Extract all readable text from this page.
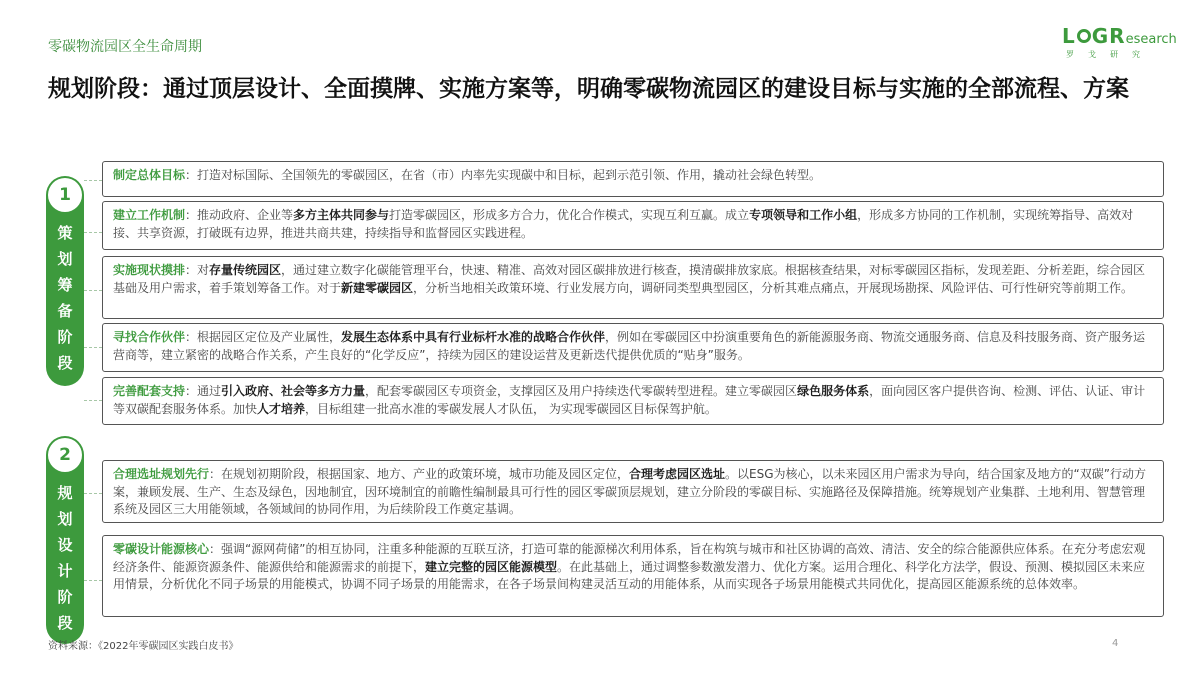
零碳物流园区全生命周期	L GResearch
罗戈研究
规划阶段：通过顶层设计、全面摸牌、实施方案等，明确零碳物流园区的建设目标与实施的全部流程、方案
1
策
划
筹
备
阶
段
2
规
划
设
计
阶
段
制定总体目标：打造对标国际、全国领先的零碳园区，在省（市）内率先实现碳中和目标，起到示范引领、作用，撬动社会绿色转型。
建立工作机制：推动政府、企业等多方主体共同参与打造零碳园区，形成多方合力，优化合作模式，实现互利互赢。成立专项领导和工作小组，形成多方协同的工作机制，实现统筹指导、高效对接、共享资源，打破既有边界，推进共商共建，持续指导和监督园区实践进程。
实施现状摸排：对存量传统园区，通过建立数字化碳能管理平台，快速、精准、高效对园区碳排放进行核查，摸清碳排放家底。根据核查结果，对标零碳园区指标，发现差距、分析差距，综合园区基础及用户需求，着手策划筹备工作。对于新建零碳园区，分析当地相关政策环境、行业发展方向，调研同类型典型园区，分析其难点痛点，开展现场勘探、风险评估、可行性研究等前期工作。
寻找合作伙伴：根据园区定位及产业属性，发展生态体系中具有行业标杆水准的战略合作伙伴，例如在零碳园区中扮演重要角色的新能源服务商、物流交通服务商、信息及科技服务商、资产服务运营商等，建立紧密的战略合作关系，产生良好的“化学反应”，持续为园区的建设运营及更新迭代提供优质的“贴身”服务。
完善配套支持：通过引入政府、社会等多方力量，配套零碳园区专项资金，支撑园区及用户持续迭代零碳转型进程。建立零碳园区绿色服务体系，面向园区客户提供咨询、检测、评估、认证、审计等双碳配套服务体系。加快人才培养，目标组建一批高水准的零碳发展人才队伍， 为实现零碳园区目标保驾护航。
合理选址规划先行：在规划初期阶段，根据国家、地方、产业的政策环境，城市功能及园区定位，合理考虑园区选址。以ESG为核心，以未来园区用户需求为导向，结合国家及地方的“双碳”行动方案，兼顾发展、生产、生态及绿色，因地制宜，因环境制宜的前瞻性编制最具可行性的园区零碳顶层规划，建立分阶段的零碳目标、实施路径及保障措施。统筹规划产业集群、土地利用、智慧管理系统及园区三大用能领域，各领域间的协同作用，为后续阶段工作奠定基调。
零碳设计能源核心：强调“源网荷储”的相互协同，注重多种能源的互联互济，打造可靠的能源梯次利用体系，旨在构筑与城市和社区协调的高效、清洁、安全的综合能源供应体系。在充分考虑宏观经济条件、能源资源条件、能源供给和能源需求的前提下，建立完整的园区能源模型。在此基础上，通过调整参数激发潜力、优化方案。运用合理化、科学化方法学，假设、预测、模拟园区未来应用情景，分析优化不同子场景的用能模式，协调不同子场景的用能需求，在各子场景间构建灵活互动的用能体系，从而实现各子场景用能模式共同优化，提高园区能源系统的总体效率。
资料来源：《2022年零碳园区实践白皮书》	4
